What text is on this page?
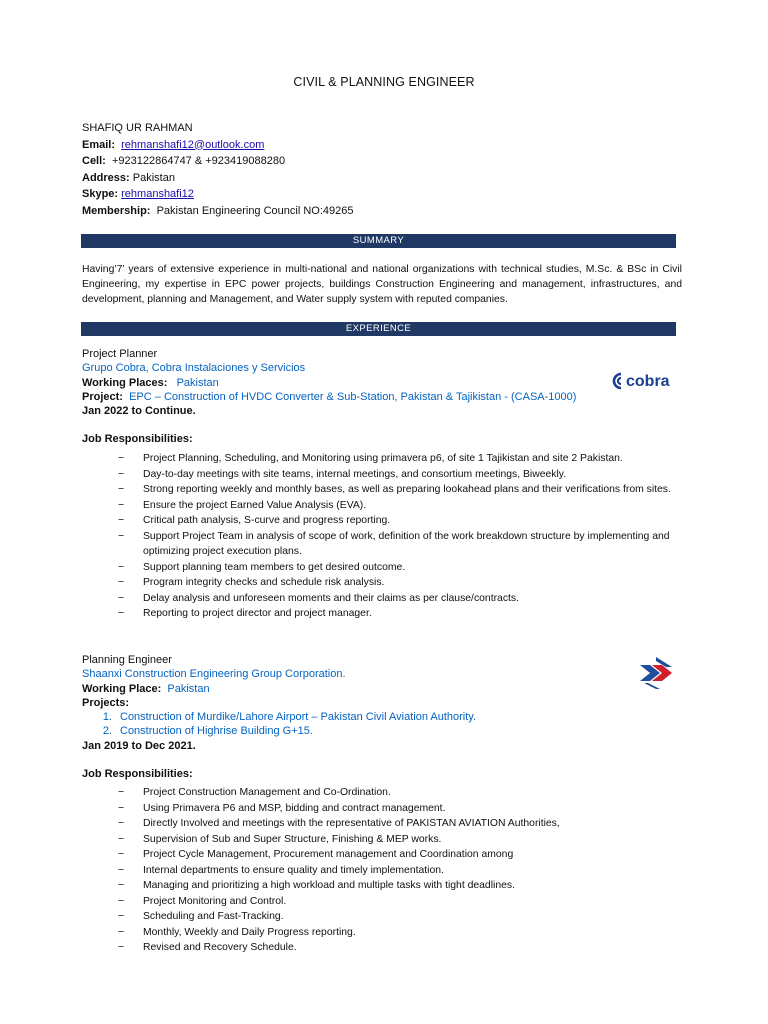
CIVIL & PLANNING ENGINEER
SHAFIQ UR RAHMAN
Email: rehmanshafi12@outlook.com
Cell: +923122864747 & +923419088280
Address: Pakistan
Skype: rehmanshafi12
Membership: Pakistan Engineering Council NO:49265
SUMMARY
Having’7’ years of extensive experience in multi-national and national organizations with technical studies, M.Sc. & BSc in Civil Engineering, my expertise in EPC power projects, buildings Construction Engineering and management, infrastructures, and development, planning and Management, and Water supply system with reputed companies.
EXPERIENCE
Project Planner
Grupo Cobra, Cobra Instalaciones y Servicios
Working Places: Pakistan
Project: EPC – Construction of HVDC Converter & Sub-Station, Pakistan & Tajikistan - (CASA-1000)
Jan 2022 to Continue.
cobra
Job Responsibilities:
− Project Planning, Scheduling, and Monitoring using primavera p6, of site 1 Tajikistan and site 2 Pakistan.
− Day-to-day meetings with site teams, internal meetings, and consortium meetings, Biweekly.
− Strong reporting weekly and monthly bases, as well as preparing lookahead plans and their verifications from sites.
− Ensure the project Earned Value Analysis (EVA).
− Critical path analysis, S-curve and progress reporting.
− Support Project Team in analysis of scope of work, definition of the work breakdown structure by implementing and optimizing project execution plans.
− Support planning team members to get desired outcome.
− Program integrity checks and schedule risk analysis.
− Delay analysis and unforeseen moments and their claims as per clause/contracts.
− Reporting to project director and project manager.
Planning Engineer
Shaanxi Construction Engineering Group Corporation.
Working Place: Pakistan
Projects:
1. Construction of Murdike/Lahore Airport – Pakistan Civil Aviation Authority.
2. Construction of Highrise Building G+15.
Jan 2019 to Dec 2021.
Job Responsibilities:
− Project Construction Management and Co-Ordination.
− Using Primavera P6 and MSP, bidding and contract management.
− Directly Involved and meetings with the representative of PAKISTAN AVIATION Authorities,
− Supervision of Sub and Super Structure, Finishing & MEP works.
− Project Cycle Management, Procurement management and Coordination among
− Internal departments to ensure quality and timely implementation.
− Managing and prioritizing a high workload and multiple tasks with tight deadlines.
− Project Monitoring and Control.
− Scheduling and Fast-Tracking.
− Monthly, Weekly and Daily Progress reporting.
− Revised and Recovery Schedule.
